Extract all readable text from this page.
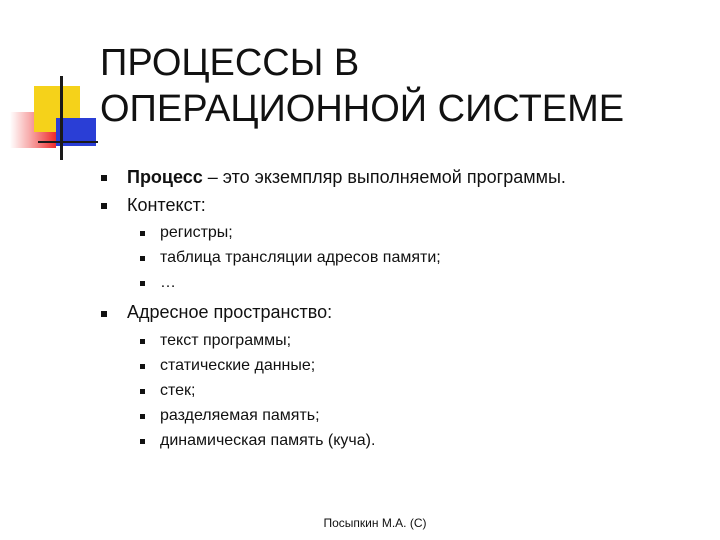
ПРОЦЕССЫ В
ОПЕРАЦИОННОЙ СИСТЕМЕ
Процесс – это экземпляр выполняемой программы.
Контекст:
регистры;
таблица трансляции адресов памяти;
…
Адресное пространство:
текст программы;
статические данные;
стек;
разделяемая память;
динамическая память (куча).
Посыпкин М.А. (С)
